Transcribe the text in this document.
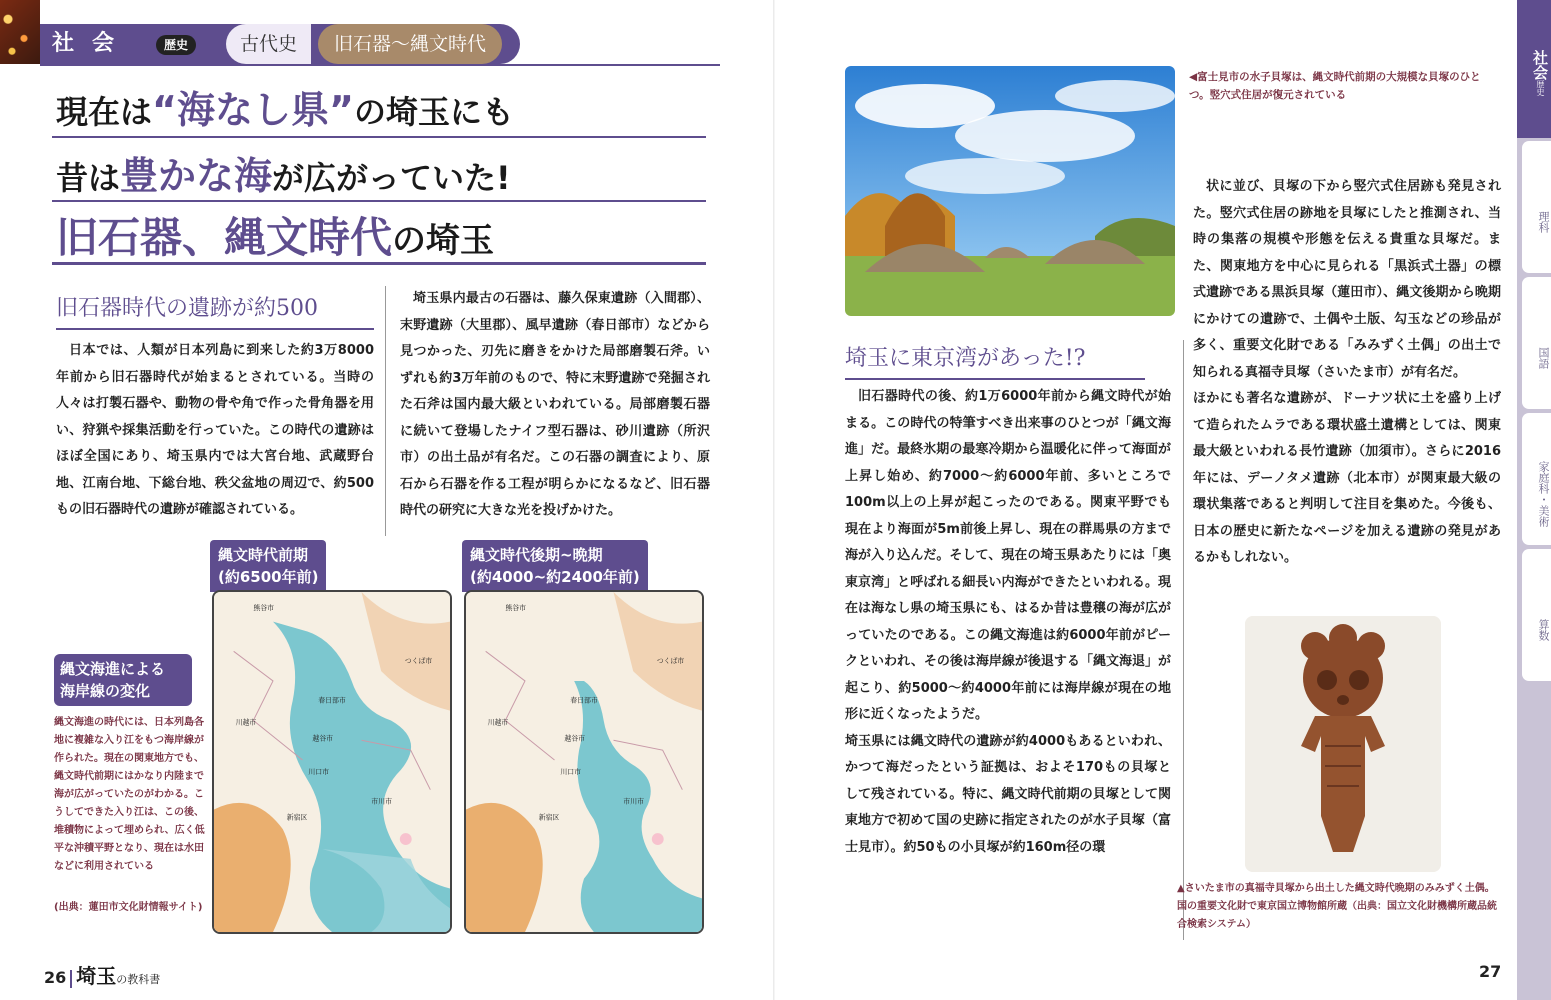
社会	歴史	古代史	旧石器〜縄文時代
現在は“海なし県”の埼玉にも
昔は豊かな海が広がっていた!
旧石器、縄文時代の埼玉
旧石器時代の遺跡が約500

日本では、人類が日本列島に到来した約3万8000年前から旧石器時代が始まるとされている。当時の人々は打製石器や、動物の骨や角で作った骨角器を用い、狩猟や採集活動を行っていた。この時代の遺跡はほぼ全国にあり、埼玉県内では大宮台地、武蔵野台地、江南台地、下総台地、秩父盆地の周辺で、約500もの旧石器時代の遺跡が確認されている。

埼玉県内最古の石器は、藤久保東遺跡（入間郡）、末野遺跡（大里郡）、風早遺跡（春日部市）などから見つかった、刃先に磨きをかけた局部磨製石斧。いずれも約3万年前のもので、特に末野遺跡で発掘された石斧は国内最大級といわれている。局部磨製石器に続いて登場したナイフ型石器は、砂川遺跡（所沢市）の出土品が有名だ。この石器の調査により、原石から石器を作る工程が明らかになるなど、旧石器時代の研究に大きな光を投げかけた。

縄文時代前期
(約6500年前)
縄文時代後期~晩期
(約4000~約2400年前)
熊谷市
つくば市
春日部市
川越市
越谷市
川口市
市川市
新宿区
熊谷市
つくば市
春日部市
川越市
越谷市
川口市
市川市
新宿区
縄文海進による
海岸線の変化

縄文海進の時代には、日本列島各地に複雑な入り江をもつ海岸線が作られた。現在の関東地方でも、縄文時代前期にはかなり内陸まで海が広がっていたのがわかる。こうしてできた入り江は、この後、堆積物によって埋められ、広く低平な沖積平野となり、現在は水田などに利用されている

(出典：蓮田市文化財情報サイト)

26 埼玉の教科書

◀富士見市の水子貝塚は、縄文時代前期の大規模な貝塚のひとつ。竪穴式住居が復元されている

埼玉に東京湾があった!?

旧石器時代の後、約1万6000年前から縄文時代が始まる。この時代の特筆すべき出来事のひとつが「縄文海進」だ。最終氷期の最寒冷期から温暖化に伴って海面が上昇し始め、約7000〜約6000年前、多いところで100m以上の上昇が起こったのである。関東平野でも現在より海面が5m前後上昇し、現在の群馬県の方まで海が入り込んだ。そして、現在の埼玉県あたりには「奥東京湾」と呼ばれる細長い内海ができたといわれる。現在は海なし県の埼玉県にも、はるか昔は豊穣の海が広がっていたのである。この縄文海進は約6000年前がピークといわれ、その後は海岸線が後退する「縄文海退」が起こり、約5000〜約4000年前には海岸線が現在の地形に近くなったようだ。
埼玉県には縄文時代の遺跡が約4000もあるといわれ、かつて海だったという証拠は、およそ170もの貝塚として残されている。特に、縄文時代前期の貝塚として関東地方で初めて国の史跡に指定されたのが水子貝塚（富士見市）。約50もの小貝塚が約160m径の環

状に並び、貝塚の下から竪穴式住居跡も発見された。竪穴式住居の跡地を貝塚にしたと推測され、当時の集落の規模や形態を伝える貴重な貝塚だ。また、関東地方を中心に見られる「黒浜式土器」の標式遺跡である黒浜貝塚（蓮田市）、縄文後期から晩期にかけての遺跡で、土偶や土版、勾玉などの珍品が多く、重要文化財である「みみずく土偶」の出土で知られる真福寺貝塚（さいたま市）が有名だ。
ほかにも著名な遺跡が、ドーナツ状に土を盛り上げて造られたムラである環状盛土遺構としては、関東最大級といわれる長竹遺跡（加須市）。さらに2016年には、デーノタメ遺跡（北本市）が関東最大級の環状集落であると判明して注目を集めた。今後も、日本の歴史に新たなページを加える遺跡の発見があるかもしれない。

▲さいたま市の真福寺貝塚から出土した縄文時代晩期のみみずく土偶。国の重要文化財で東京国立博物館所蔵（出典：国立文化財機構所蔵品統合検索システム）

社会歴史
理科
国語
家庭科・美術
算数
27
